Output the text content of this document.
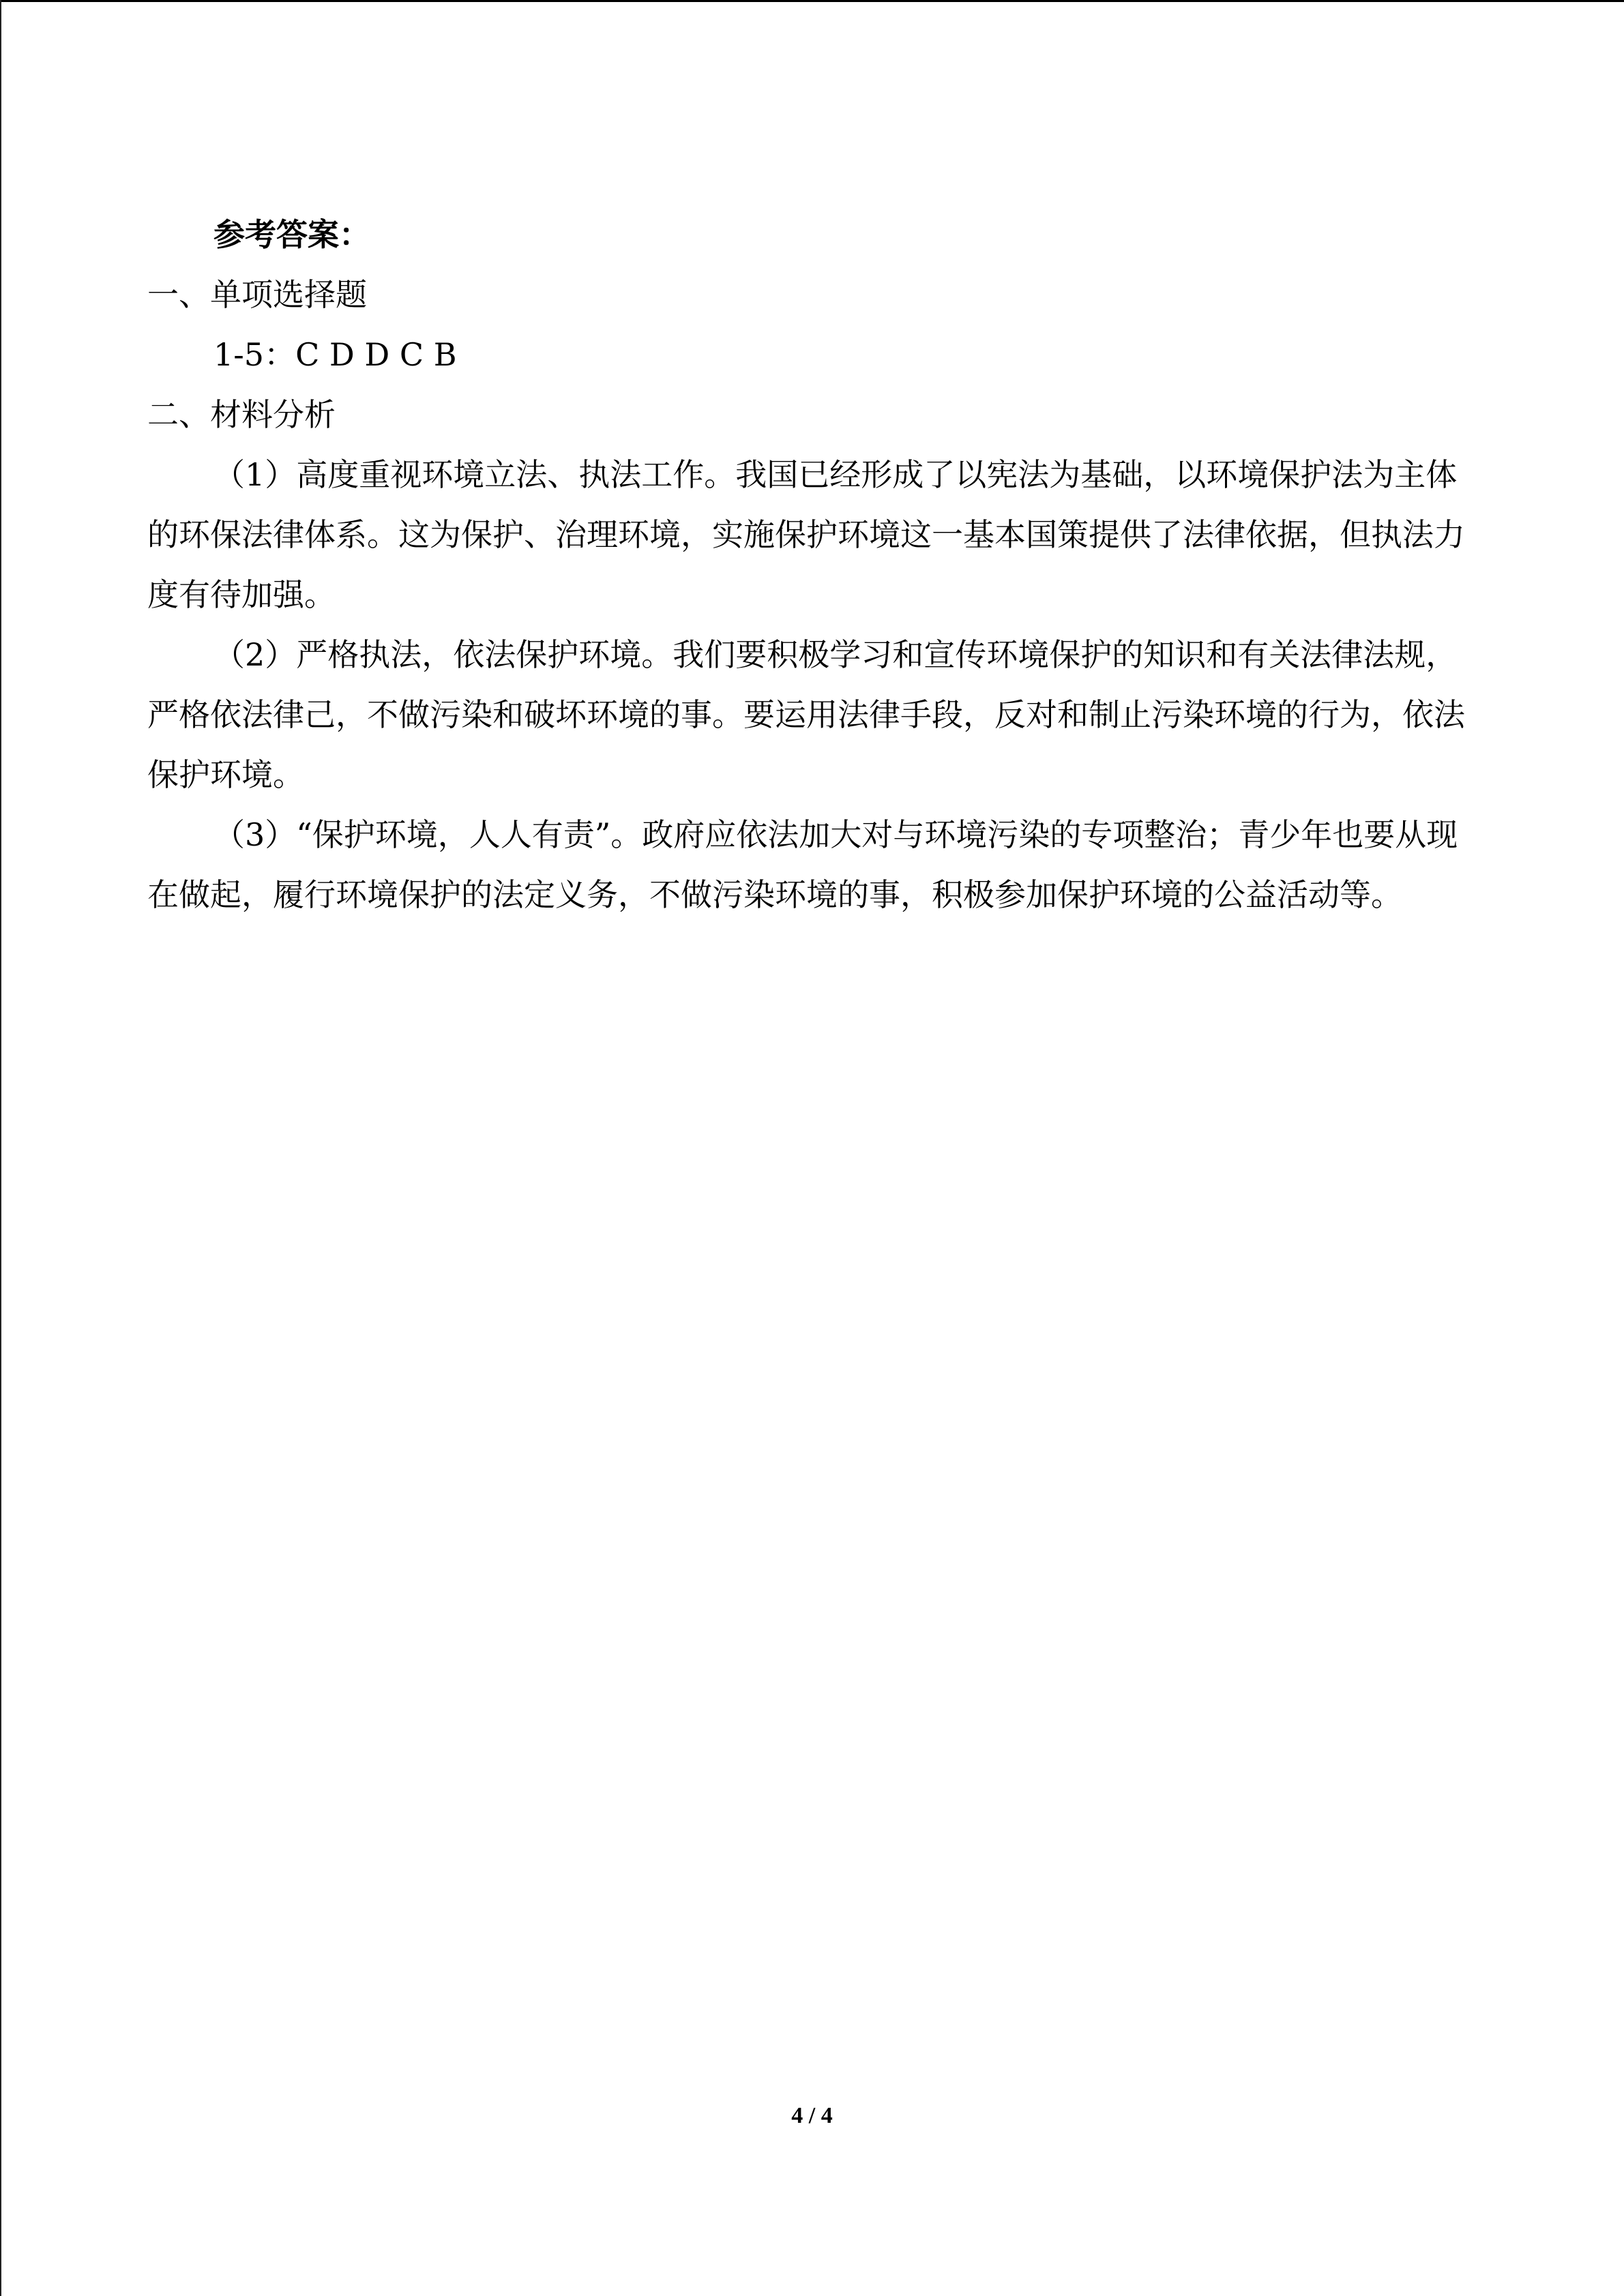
参考答案：
一、单项选择题
1-5：C D D C B
二、材料分析
（1）高度重视环境立法、执法工作。我国已经形成了以宪法为基础，以环境保护法为主体的环保法律体系。这为保护、治理环境，实施保护环境这一基本国策提供了法律依据，但执法力度有待加强。
（2）严格执法，依法保护环境。我们要积极学习和宣传环境保护的知识和有关法律法规，严格依法律己，不做污染和破坏环境的事。要运用法律手段，反对和制止污染环境的行为，依法保护环境。
（3）“保护环境，人人有责”。政府应依法加大对与环境污染的专项整治；青少年也要从现在做起，履行环境保护的法定义务，不做污染环境的事，积极参加保护环境的公益活动等。
4 / 4
